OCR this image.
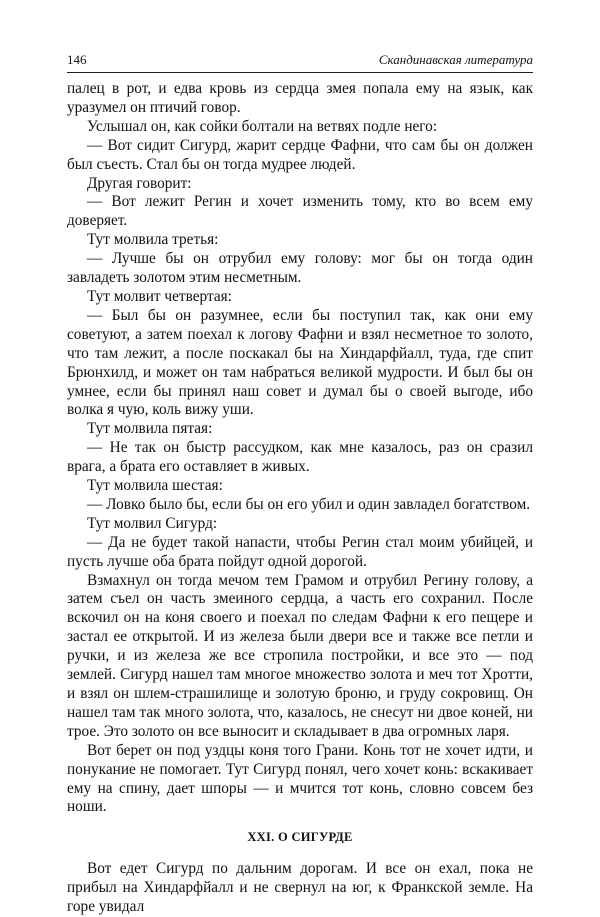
146	Скандинавская литература

палец в рот, и едва кровь из сердца змея попала ему на язык, как уразумел он птичий говор.

Услышал он, как сойки болтали на ветвях подле него:

— Вот сидит Сигурд, жарит сердце Фафни, что сам бы он должен был съесть. Стал бы он тогда мудрее людей.

Другая говорит:

— Вот лежит Регин и хочет изменить тому, кто во всем ему доверяет.

Тут молвила третья:

— Лучше бы он отрубил ему голову: мог бы он тогда один завладеть золотом этим несметным.

Тут молвит четвертая:

— Был бы он разумнее, если бы поступил так, как они ему советуют, а затем поехал к логову Фафни и взял несметное то золото, что там лежит, а после поскакал бы на Хиндарфйалл, туда, где спит Брюнхилд, и может он там набраться великой мудрости. И был бы он умнее, если бы принял наш совет и думал бы о своей выгоде, ибо волка я чую, коль вижу уши.

Тут молвила пятая:

— Не так он быстр рассудком, как мне казалось, раз он сразил врага, а брата его оставляет в живых.

Тут молвила шестая:

— Ловко было бы, если бы он его убил и один завладел богатством.

Тут молвил Сигурд:

— Да не будет такой напасти, чтобы Регин стал моим убийцей, и пусть лучше оба брата пойдут одной дорогой.

Взмахнул он тогда мечом тем Грамом и отрубил Регину голову, а затем съел он часть змеиного сердца, а часть его сохранил. После вскочил он на коня своего и поехал по следам Фафни к его пещере и застал ее открытой. И из железа были двери все и также все петли и ручки, и из железа же все стропила постройки, и все это — под землей. Сигурд нашел там многое множество золота и меч тот Хротти, и взял он шлем-страшилище и золотую броню, и груду сокровищ. Он нашел там так много золота, что, казалось, не снесут ни двое коней, ни трое. Это золото он все выносит и складывает в два огромных ларя.

Вот берет он под уздцы коня того Грани. Конь тот не хочет идти, и понукание не помогает. Тут Сигурд понял, чего хочет конь: вскакивает ему на спину, дает шпоры — и мчится тот конь, словно совсем без ноши.

XXI. О СИГУРДЕ

Вот едет Сигурд по дальним дорогам. И все он ехал, пока не прибыл на Хиндарфйалл и не свернул на юг, к Франкской земле. На горе увидал
